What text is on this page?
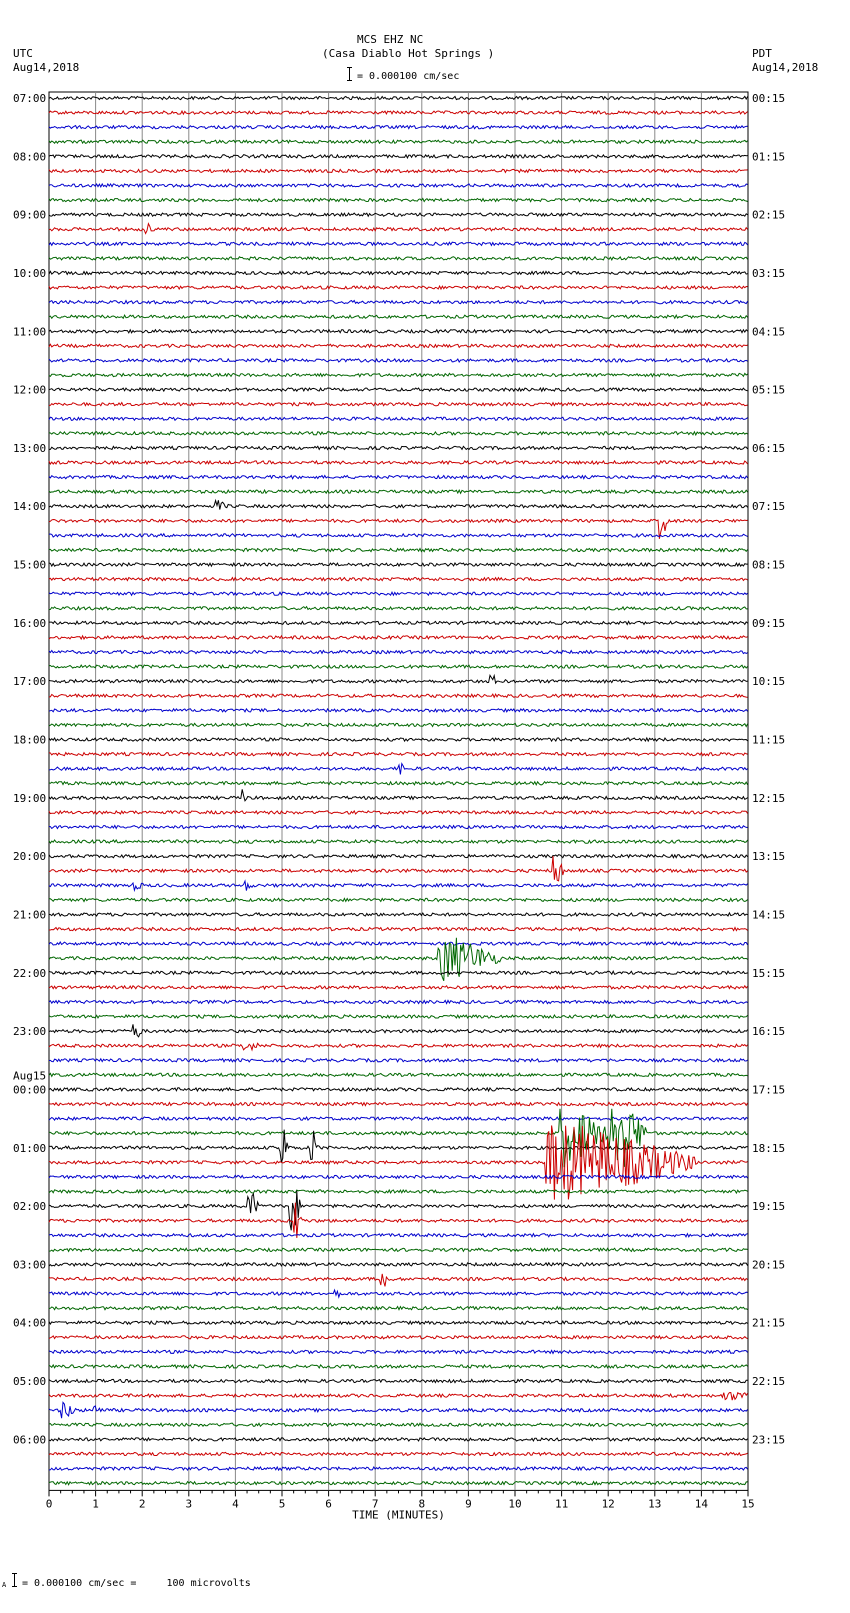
MCS EHZ NC
(Casa Diablo Hot Springs )
= 0.000100 cm/sec
UTC
Aug14,2018
PDT
Aug14,2018
07:00
08:00
09:00
10:00
11:00
12:00
13:00
14:00
15:00
16:00
17:00
18:00
19:00
20:00
21:00
22:00
23:00
00:00
Aug15
01:00
02:00
03:00
04:00
05:00
06:00
00:15
01:15
02:15
03:15
04:15
05:15
06:15
07:15
08:15
09:15
10:15
11:15
12:15
13:15
14:15
15:15
16:15
17:15
18:15
19:15
20:15
21:15
22:15
23:15
0	1	2	3	4	5	6	7	8	9	10	11	12	13	14	15
TIME (MINUTES)
A = 0.000100 cm/sec =     100 microvolts
